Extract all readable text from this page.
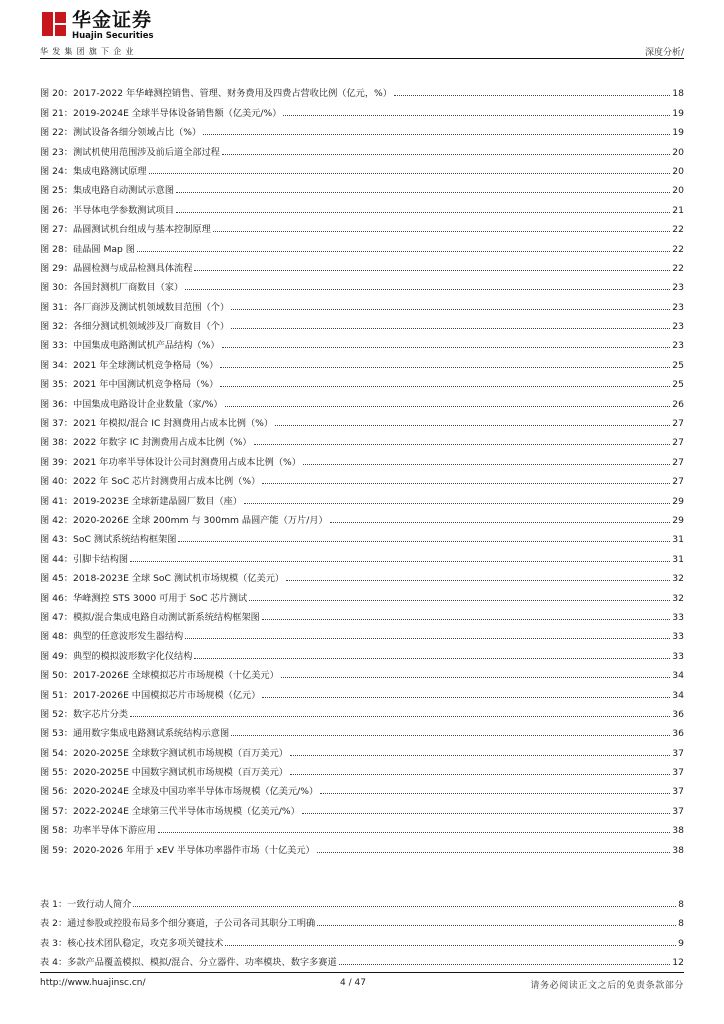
华金证券
Huajin Securities
华发集团旗下企业	深度分析/
图 20：2017-2022 年华峰测控销售、管理、财务费用及四费占营收比例（亿元，%）	18
图 21：2019-2024E 全球半导体设备销售额（亿美元/%）	19
图 22：测试设备各细分领域占比（%）	19
图 23：测试机使用范围涉及前后道全部过程	20
图 24：集成电路测试原理	20
图 25：集成电路自动测试示意图	20
图 26：半导体电学参数测试项目	21
图 27：晶圆测试机台组成与基本控制原理	22
图 28：硅晶圆 Map 图	22
图 29：晶圆检测与成品检测具体流程	22
图 30：各国封测机厂商数目（家）	23
图 31：各厂商涉及测试机领域数目范围（个）	23
图 32：各细分测试机领域涉及厂商数目（个）	23
图 33：中国集成电路测试机产品结构（%）	23
图 34：2021 年全球测试机竞争格局（%）	25
图 35：2021 年中国测试机竞争格局（%）	25
图 36：中国集成电路设计企业数量（家/%）	26
图 37：2021 年模拟/混合 IC 封测费用占成本比例（%）	27
图 38：2022 年数字 IC 封测费用占成本比例（%）	27
图 39：2021 年功率半导体设计公司封测费用占成本比例（%）	27
图 40：2022 年 SoC 芯片封测费用占成本比例（%）	27
图 41：2019-2023E 全球新建晶圆厂数目（座）	29
图 42：2020-2026E 全球 200mm 与 300mm 晶圆产能（万片/月）	29
图 43：SoC 测试系统结构框架图	31
图 44：引脚卡结构图	31
图 45：2018-2023E 全球 SoC 测试机市场规模（亿美元）	32
图 46：华峰测控 STS 3000 可用于 SoC 芯片测试	32
图 47：模拟/混合集成电路自动测试新系统结构框架图	33
图 48：典型的任意波形发生器结构	33
图 49：典型的模拟波形数字化仪结构	33
图 50：2017-2026E 全球模拟芯片市场规模（十亿美元）	34
图 51：2017-2026E 中国模拟芯片市场规模（亿元）	34
图 52：数字芯片分类	36
图 53：通用数字集成电路测试系统结构示意图	36
图 54：2020-2025E 全球数字测试机市场规模（百万美元）	37
图 55：2020-2025E 中国数字测试机市场规模（百万美元）	37
图 56：2020-2024E 全球及中国功率半导体市场规模（亿美元/%）	37
图 57：2022-2024E 全球第三代半导体市场规模（亿美元/%）	37
图 58：功率半导体下游应用	38
图 59：2020-2026 年用于 xEV 半导体功率器件市场（十亿美元）	38
表 1：一致行动人简介	8
表 2：通过参股或控股布局多个细分赛道，子公司各司其职分工明确	8
表 3：核心技术团队稳定，攻克多项关键技术	9
表 4：多款产品覆盖模拟、模拟/混合、分立器件、功率模块、数字多赛道	12
http://www.huajinsc.cn/	4 / 47	请务必阅读正文之后的免责条款部分
